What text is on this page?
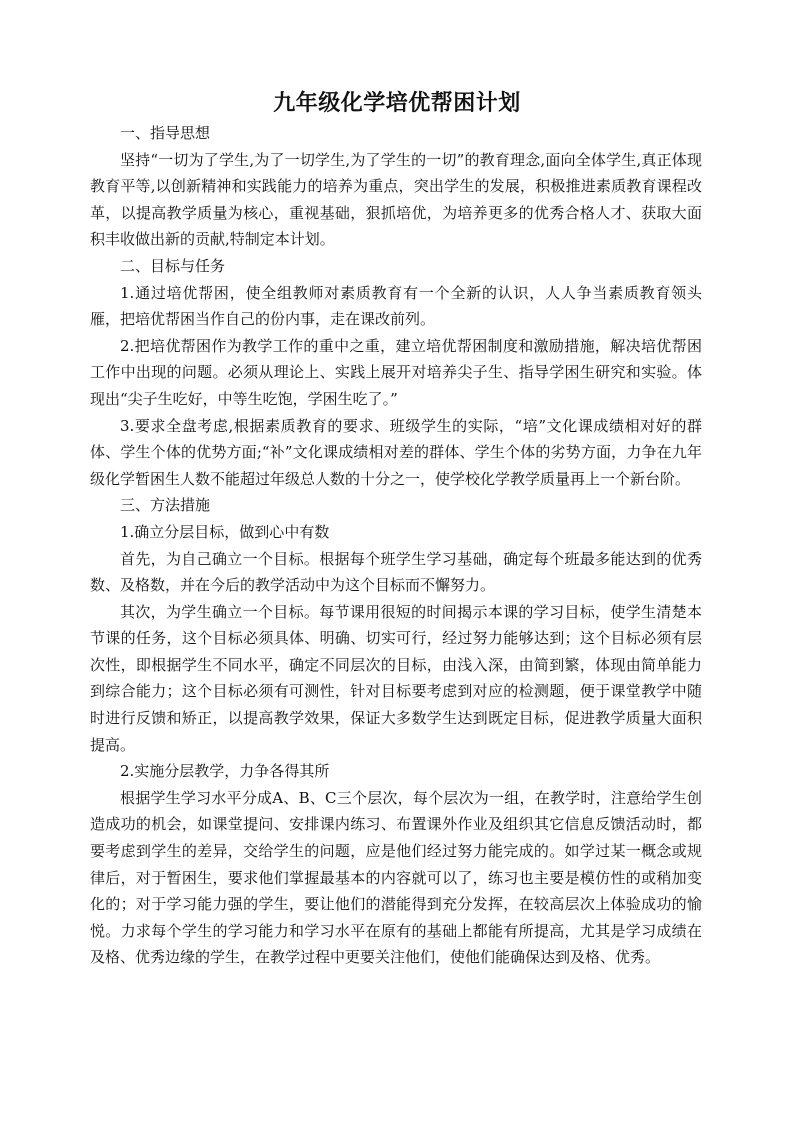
九年级化学培优帮困计划

一、指导思想

坚持“一切为了学生,为了一切学生,为了学生的一切”的教育理念,面向全体学生,真正体现教育平等,以创新精神和实践能力的培养为重点，突出学生的发展，积极推进素质教育课程改革，以提高教学质量为核心，重视基础，狠抓培优，为培养更多的优秀合格人才、获取大面积丰收做出新的贡献,特制定本计划。

二、目标与任务

1.通过培优帮困，使全组教师对素质教育有一个全新的认识，人人争当素质教育领头雁，把培优帮困当作自己的份内事，走在课改前列。

2.把培优帮困作为教学工作的重中之重，建立培优帮困制度和激励措施，解决培优帮困工作中出现的问题。必须从理论上、实践上展开对培养尖子生、指导学困生研究和实验。体现出“尖子生吃好，中等生吃饱，学困生吃了。”

3.要求全盘考虑,根据素质教育的要求、班级学生的实际，“培”文化课成绩相对好的群体、学生个体的优势方面;“补”文化课成绩相对差的群体、学生个体的劣势方面，力争在九年级化学暂困生人数不能超过年级总人数的十分之一，使学校化学教学质量再上一个新台阶。

三、方法措施

1.确立分层目标，做到心中有数

首先，为自己确立一个目标。根据每个班学生学习基础，确定每个班最多能达到的优秀数、及格数，并在今后的教学活动中为这个目标而不懈努力。

其次，为学生确立一个目标。每节课用很短的时间揭示本课的学习目标，使学生清楚本节课的任务，这个目标必须具体、明确、切实可行，经过努力能够达到；这个目标必须有层次性，即根据学生不同水平，确定不同层次的目标，由浅入深，由简到繁，体现由简单能力到综合能力；这个目标必须有可测性，针对目标要考虑到对应的检测题，便于课堂教学中随时进行反馈和矫正，以提高教学效果，保证大多数学生达到既定目标，促进教学质量大面积提高。

2.实施分层教学，力争各得其所

根据学生学习水平分成A、B、C三个层次，每个层次为一组，在教学时，注意给学生创造成功的机会，如课堂提问、安排课内练习、布置课外作业及组织其它信息反馈活动时，都要考虑到学生的差异，交给学生的问题，应是他们经过努力能完成的。如学过某一概念或规律后，对于暂困生，要求他们掌握最基本的内容就可以了，练习也主要是模仿性的或稍加变化的；对于学习能力强的学生，要让他们的潜能得到充分发挥，在较高层次上体验成功的愉悦。力求每个学生的学习能力和学习水平在原有的基础上都能有所提高，尤其是学习成绩在及格、优秀边缘的学生，在教学过程中更要关注他们，使他们能确保达到及格、优秀。
